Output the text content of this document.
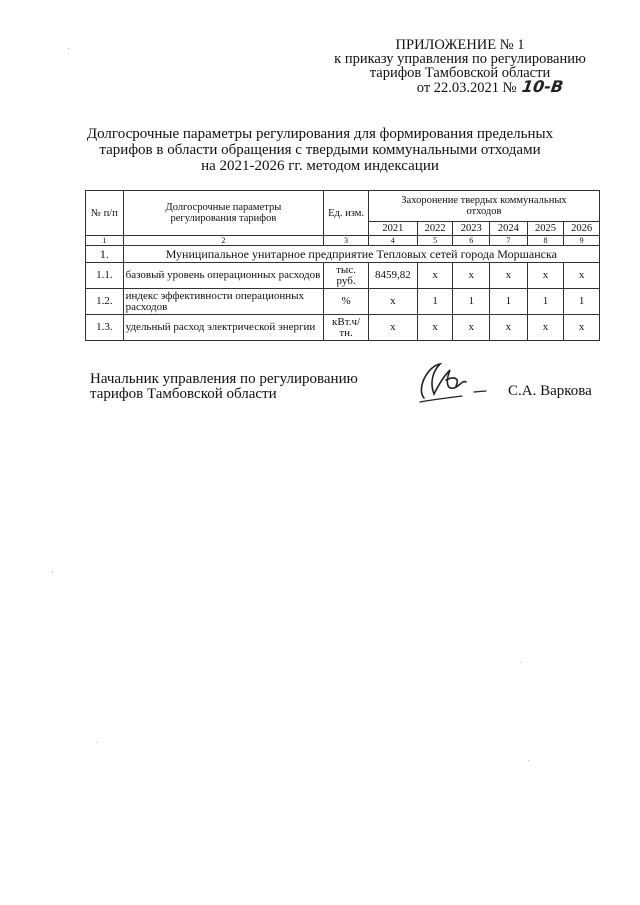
ПРИЛОЖЕНИЕ № 1
к приказу управления по регулированию
тарифов Тамбовской области
от 22.03.2021 № 10-В
Долгосрочные параметры регулирования для формирования предельных
тарифов в области обращения с твердыми коммунальными отходами
на 2021-2026 гг. методом индексации
№ п/п	Долгосрочные параметры регулирования тарифов	Ед. изм.	Захоронение твердых коммунальных отходов					
			2021	2022	2023	2024	2025	2026
1	2	3	4	5	6	7	8	9
1.	Муниципальное унитарное предприятие Тепловых сетей города Моршанска							
1.1.	базовый уровень операционных расходов	тыс. руб.	8459,82	х	х	х	х	х
1.2.	индекс эффективности операционных расходов	%	х	1	1	1	1	1
1.3.	удельный расход электрической энергии	кВт.ч/тн.	х	х	х	х	х	х
Начальник управления по регулированию
тарифов Тамбовской области	С.А. Варкова
